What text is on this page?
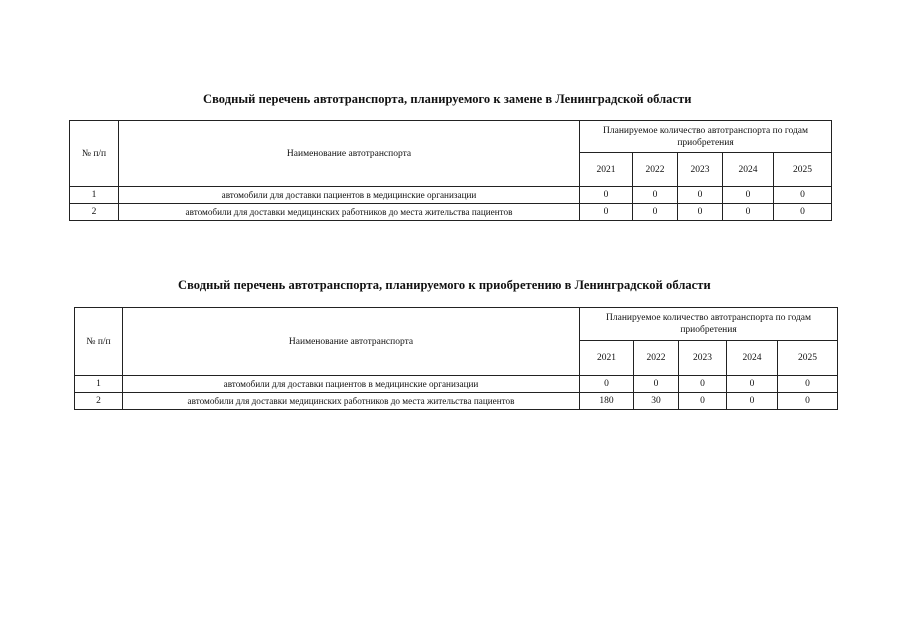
Сводный перечень автотранспорта, планируемого к замене в Ленинградской области
№ п/п	Наименование автотранспорта	Планируемое количество автотранспорта по годам приобретения				
		2021	2022	2023	2024	2025
1	автомобили для доставки пациентов в медицинские организации	0	0	0	0	0
2	автомобили для доставки медицинских работников до места жительства пациентов	0	0	0	0	0
Сводный перечень автотранспорта, планируемого к приобретению в Ленинградской области
№ п/п	Наименование автотранспорта	Планируемое количество автотранспорта по годам приобретения				
		2021	2022	2023	2024	2025
1	автомобили для доставки пациентов в медицинские организации	0	0	0	0	0
2	автомобили для доставки медицинских работников до места жительства пациентов	180	30	0	0	0
